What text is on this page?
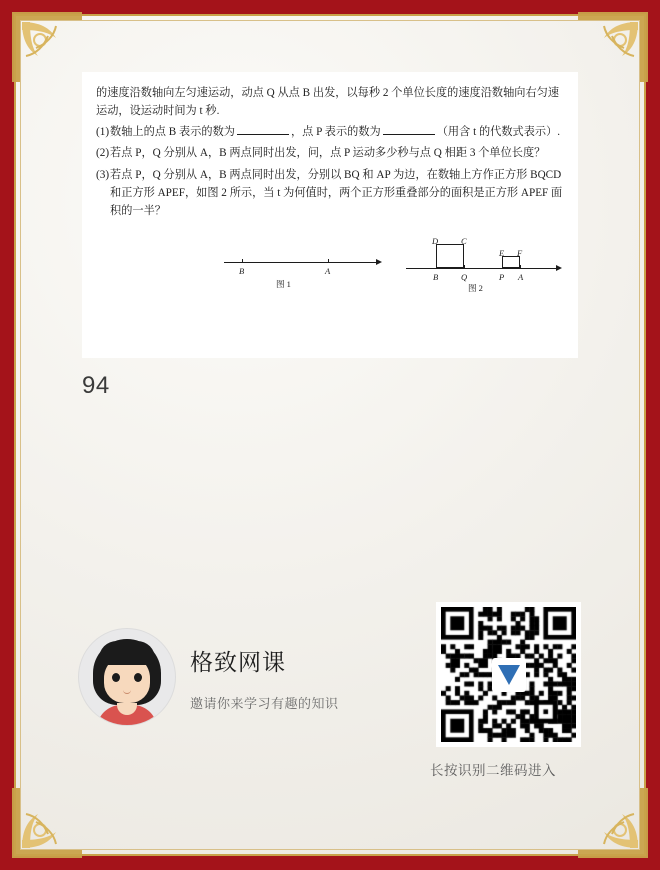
的速度沿数轴向左匀速运动，动点 Q 从点 B 出发，以每秒 2 个单位长度的速度沿数轴向右匀速运动，设运动时间为 t 秒.

(1) 数轴上的点 B 表示的数为	，点 P 表示的数为	（用含 t 的代数式表示）.
(2) 若点 P，Q 分别从 A，B 两点同时出发，问，点 P 运动多少秒与点 Q 相距 3 个单位长度？
(3) 若点 P，Q 分别从 A，B 两点同时出发，分别以 BQ 和 AP 为边，在数轴上方作正方形 BQCD 和正方形 APEF，如图 2 所示，当 t 为何值时，两个正方形重叠部分的面积是正方形 APEF 面积的一半？
B	A
图 1
D	C
E F
B	Q	P A
图 2
94
格致网课
邀请你来学习有趣的知识
长按识别二维码进入
